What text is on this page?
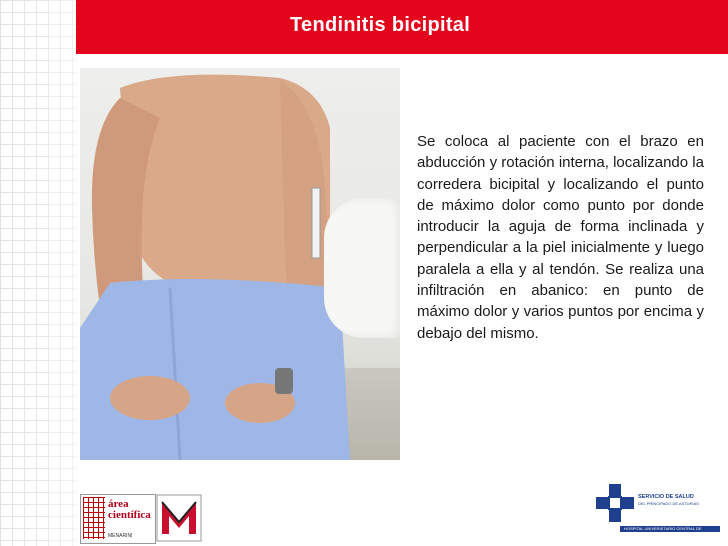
Tendinitis bicipital

Se coloca al paciente con el brazo en abducción y rotación interna, localizando la corredera bicipital y localizando el punto de máximo dolor como punto por donde introducir la aguja de forma inclinada y perpendicular a la piel inicialmente y luego paralela a ella y al tendón. Se realiza una infiltración en abanico: en punto de máximo dolor y varios puntos por encima y debajo del mismo.

área
científica
MENARINI
SERVICIO DE SALUD
DEL PRINCIPADO DE ASTURIAS
HOSPITAL UNIVERSITARIO CENTRAL DE ASTURIAS
